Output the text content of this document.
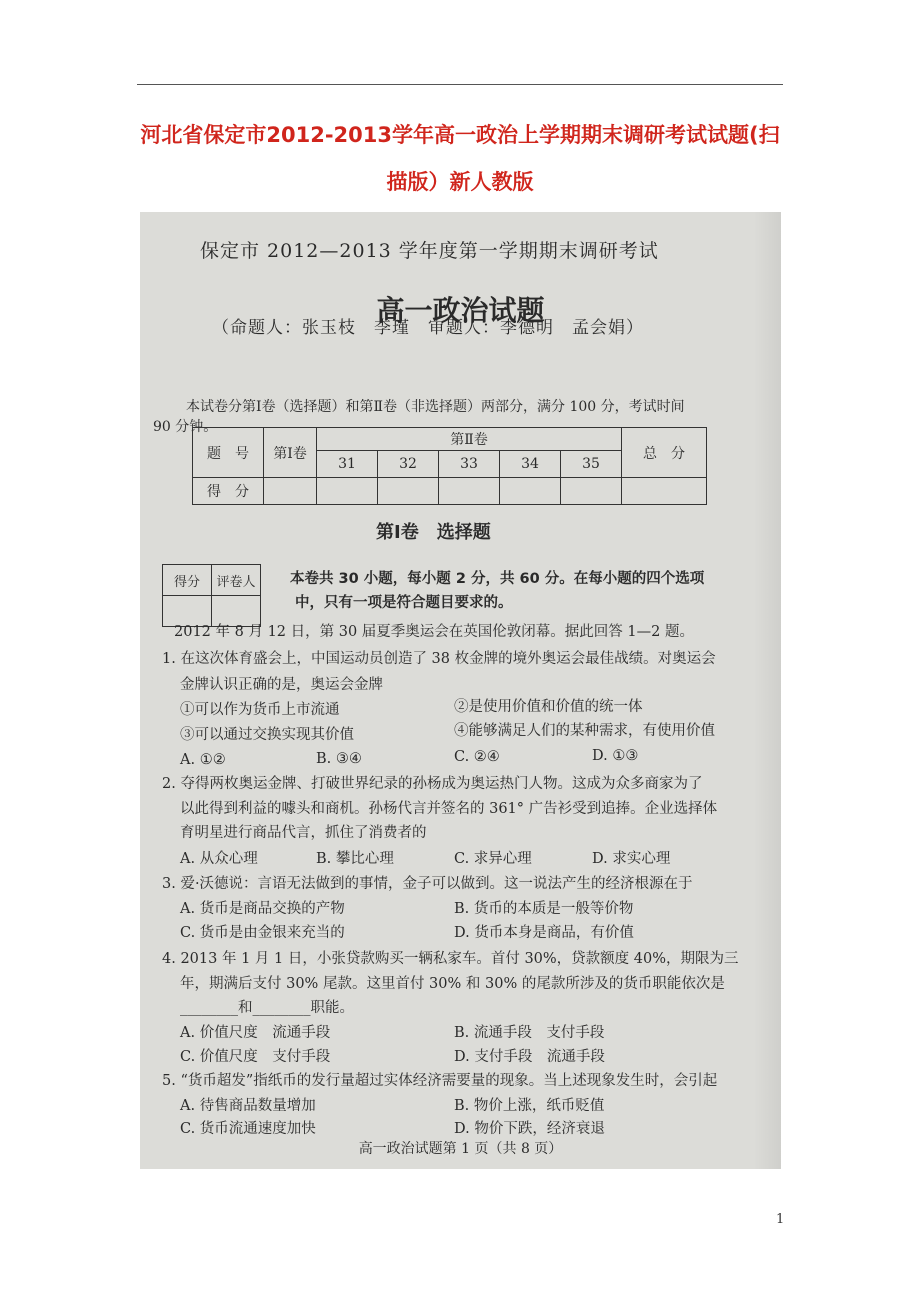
河北省保定市2012-2013学年高一政治上学期期末调研考试试题(扫
描版）新人教版
保定市 2012—2013 学年度第一学期期末调研考试
高一政治试题
（命题人：张玉枝　李瑾　审题人：李德明　孟会娟）
本试卷分第Ⅰ卷（选择题）和第Ⅱ卷（非选择题）两部分，满分 100 分，考试时间
90 分钟。
题　号	第Ⅰ卷	第Ⅱ卷					总　分
		31	32	33	34	35	
得　分							
第Ⅰ卷　选择题
得分	评卷人
	本卷共 30 小题，每小题 2 分，共 60 分。在每小题的四个选项
中，只有一项是符合题目要求的。
2012 年 8 月 12 日，第 30 届夏季奥运会在英国伦敦闭幕。据此回答 1—2 题。
1. 在这次体育盛会上，中国运动员创造了 38 枚金牌的境外奥运会最佳战绩。对奥运会
金牌认识正确的是，奥运会金牌
①可以作为货币上市流通	②是使用价值和价值的统一体
③可以通过交换实现其价值	④能够满足人们的某种需求，有使用价值
A. ①②	B. ③④	C. ②④	D. ①③
2. 夺得两枚奥运金牌、打破世界纪录的孙杨成为奥运热门人物。这成为众多商家为了
以此得到利益的噱头和商机。孙杨代言并签名的 361° 广告衫受到追捧。企业选择体
育明星进行商品代言，抓住了消费者的
A. 从众心理	B. 攀比心理	C. 求异心理	D. 求实心理
3. 爱·沃德说：言语无法做到的事情，金子可以做到。这一说法产生的经济根源在于
A. 货币是商品交换的产物	B. 货币的本质是一般等价物
C. 货币是由金银来充当的	D. 货币本身是商品，有价值
4. 2013 年 1 月 1 日，小张贷款购买一辆私家车。首付 30%，贷款额度 40%，期限为三
年，期满后支付 30% 尾款。这里首付 30% 和 30% 的尾款所涉及的货币职能依次是
________和________职能。
A. 价值尺度　流通手段	B. 流通手段　支付手段
C. 价值尺度　支付手段	D. 支付手段　流通手段
5. “货币超发”指纸币的发行量超过实体经济需要量的现象。当上述现象发生时，会引起
A. 待售商品数量增加	B. 物价上涨，纸币贬值
C. 货币流通速度加快	D. 物价下跌，经济衰退
高一政治试题第 1 页（共 8 页）
1
